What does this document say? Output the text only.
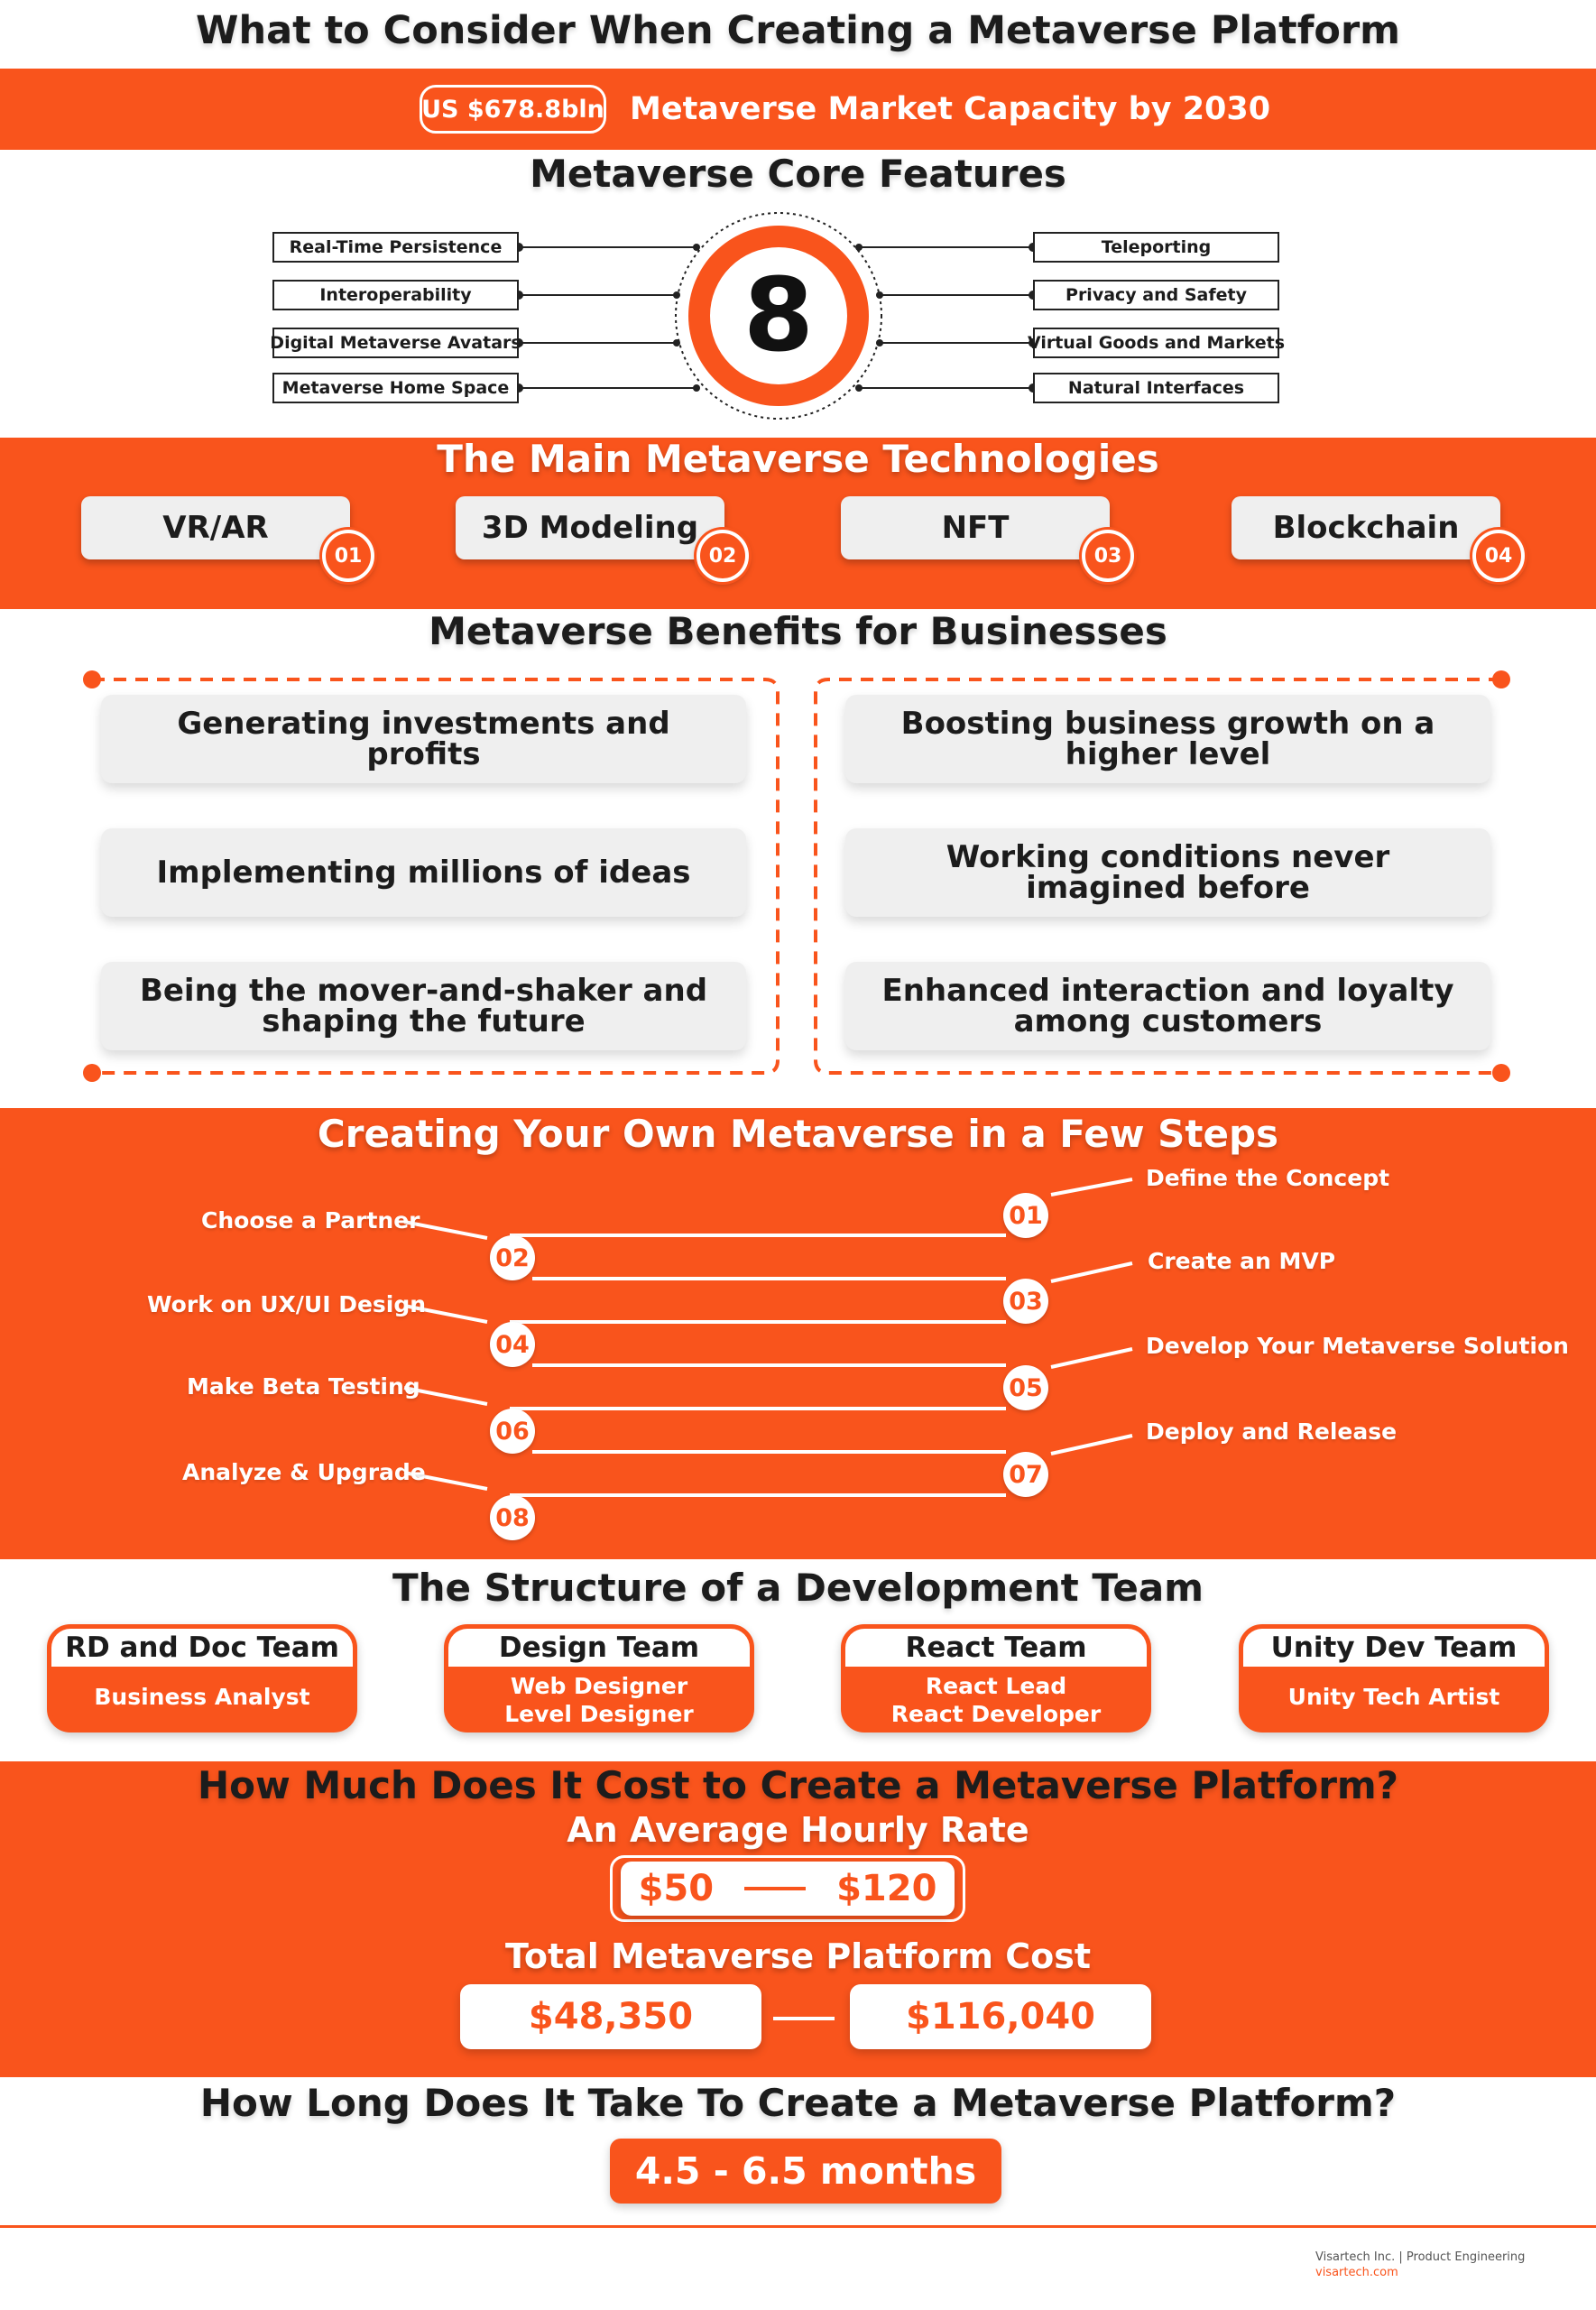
What to Consider When Creating a Metaverse Platform
US $678.8bln Metaverse Market Capacity by 2030
Metaverse Core Features
8
Real-Time Persistence
Interoperability
Digital Metaverse Avatars
Metaverse Home Space
Teleporting
Privacy and Safety
Virtual Goods and Markets
Natural Interfaces
The Main Metaverse Technologies
VR/AR
01
3D Modeling
02
NFT
03
Blockchain
04
Metaverse Benefits for Businesses
Generating investments and profits
Implementing millions of ideas
Being the mover-and-shaker and shaping the future
Boosting business growth on a higher level
Working conditions never imagined before
Enhanced interaction and loyalty among customers
Creating Your Own Metaverse in a Few Steps
01
Define the Concept
02
Choose a Partner
03
Create an MVP
04
Work on UX/UI Design
05
Develop Your Metaverse Solution
06
Make Beta Testing
07
Deploy and Release
08
Analyze & Upgrade
The Structure of a Development Team
RD and Doc Team
Business Analyst
Design Team
Web Designer
Level Designer
React Team
React Lead
React Developer
Unity Dev Team
Unity Tech Artist
How Much Does It Cost to Create a Metaverse Platform?
An Average Hourly Rate
$50	$120
Total Metaverse Platform Cost
$48,350	$116,040
How Long Does It Take To Create a Metaverse Platform?
4.5 - 6.5 months
Visartech Inc. | Product Engineering
visartech.com
